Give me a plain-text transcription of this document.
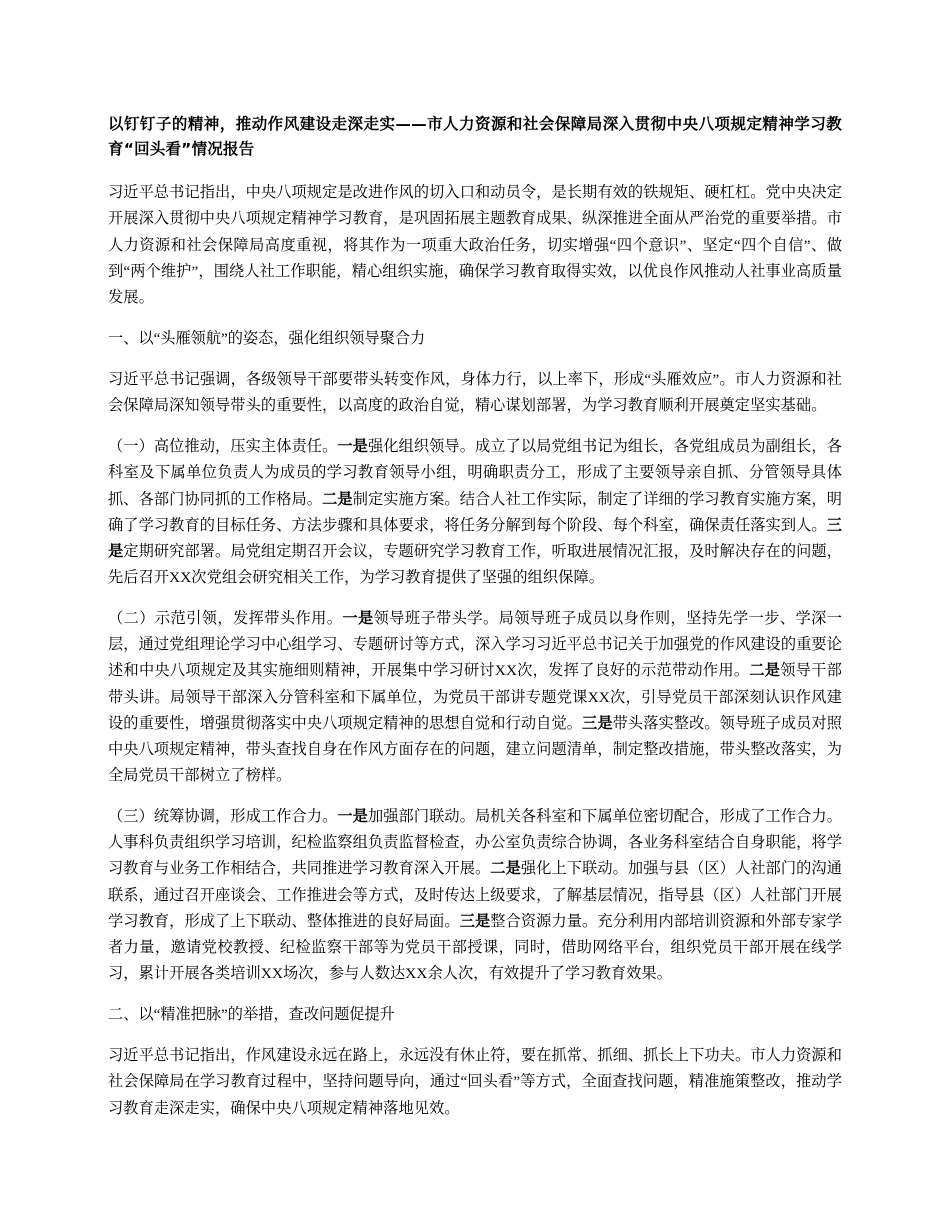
以钉钉子的精神，推动作风建设走深走实——市人力资源和社会保障局深入贯彻中央八项规定精神学习教育“回头看”情况报告

习近平总书记指出，中央八项规定是改进作风的切入口和动员令，是长期有效的铁规矩、硬杠杠。党中央决定开展深入贯彻中央八项规定精神学习教育，是巩固拓展主题教育成果、纵深推进全面从严治党的重要举措。市人力资源和社会保障局高度重视，将其作为一项重大政治任务，切实增强“四个意识”、坚定“四个自信”、做到“两个维护”，围绕人社工作职能，精心组织实施，确保学习教育取得实效，以优良作风推动人社事业高质量发展。

一、以“头雁领航”的姿态，强化组织领导聚合力

习近平总书记强调，各级领导干部要带头转变作风，身体力行，以上率下，形成“头雁效应”。市人力资源和社会保障局深知领导带头的重要性，以高度的政治自觉，精心谋划部署，为学习教育顺利开展奠定坚实基础。

（一）高位推动，压实主体责任。一是强化组织领导。成立了以局党组书记为组长，各党组成员为副组长，各科室及下属单位负责人为成员的学习教育领导小组，明确职责分工，形成了主要领导亲自抓、分管领导具体抓、各部门协同抓的工作格局。二是制定实施方案。结合人社工作实际，制定了详细的学习教育实施方案，明确了学习教育的目标任务、方法步骤和具体要求，将任务分解到每个阶段、每个科室，确保责任落实到人。三是定期研究部署。局党组定期召开会议，专题研究学习教育工作，听取进展情况汇报，及时解决存在的问题，先后召开XX次党组会研究相关工作，为学习教育提供了坚强的组织保障。

（二）示范引领，发挥带头作用。一是领导班子带头学。局领导班子成员以身作则，坚持先学一步、学深一层，通过党组理论学习中心组学习、专题研讨等方式，深入学习习近平总书记关于加强党的作风建设的重要论述和中央八项规定及其实施细则精神，开展集中学习研讨XX次，发挥了良好的示范带动作用。二是领导干部带头讲。局领导干部深入分管科室和下属单位，为党员干部讲专题党课XX次，引导党员干部深刻认识作风建设的重要性，增强贯彻落实中央八项规定精神的思想自觉和行动自觉。三是带头落实整改。领导班子成员对照中央八项规定精神，带头查找自身在作风方面存在的问题，建立问题清单，制定整改措施，带头整改落实，为全局党员干部树立了榜样。

（三）统筹协调，形成工作合力。一是加强部门联动。局机关各科室和下属单位密切配合，形成了工作合力。人事科负责组织学习培训，纪检监察组负责监督检查，办公室负责综合协调，各业务科室结合自身职能，将学习教育与业务工作相结合，共同推进学习教育深入开展。二是强化上下联动。加强与县（区）人社部门的沟通联系，通过召开座谈会、工作推进会等方式，及时传达上级要求，了解基层情况，指导县（区）人社部门开展学习教育，形成了上下联动、整体推进的良好局面。三是整合资源力量。充分利用内部培训资源和外部专家学者力量，邀请党校教授、纪检监察干部等为党员干部授课，同时，借助网络平台，组织党员干部开展在线学习，累计开展各类培训XX场次，参与人数达XX余人次，有效提升了学习教育效果。

二、以“精准把脉”的举措，查改问题促提升

习近平总书记指出，作风建设永远在路上，永远没有休止符，要在抓常、抓细、抓长上下功夫。市人力资源和社会保障局在学习教育过程中，坚持问题导向，通过“回头看”等方式，全面查找问题，精准施策整改，推动学习教育走深走实，确保中央八项规定精神落地见效。
